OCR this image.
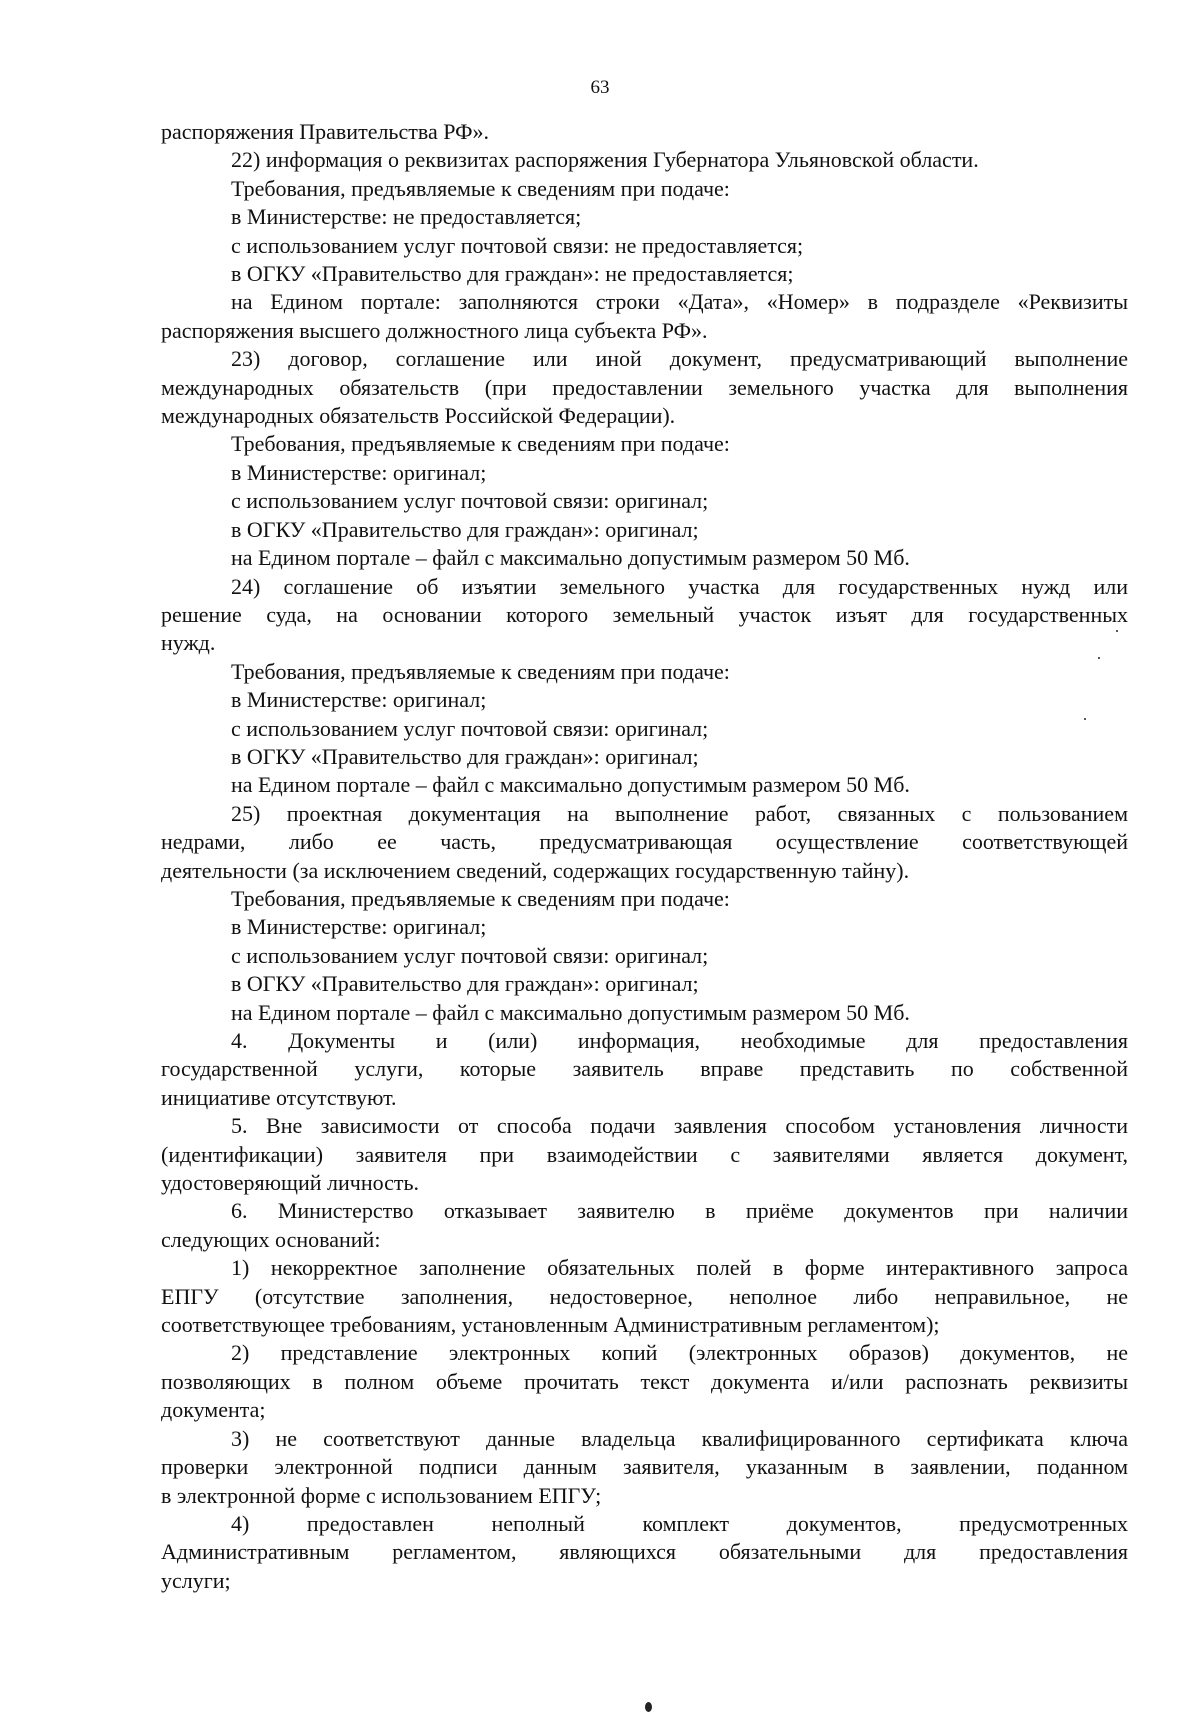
63

распоряжения Правительства РФ».

22) информация о реквизитах распоряжения Губернатора Ульяновской области.

Требования, предъявляемые к сведениям при подаче:

в Министерстве: не предоставляется;

с использованием услуг почтовой связи: не предоставляется;

в ОГКУ «Правительство для граждан»: не предоставляется;

на Едином портале: заполняются строки «Дата», «Номер» в подразделе «Реквизиты

распоряжения высшего должностного лица субъекта РФ».

23) договор, соглашение или иной документ, предусматривающий выполнение

международных обязательств (при предоставлении земельного участка для выполнения

международных обязательств Российской Федерации).

Требования, предъявляемые к сведениям при подаче:

в Министерстве: оригинал;

с использованием услуг почтовой связи: оригинал;

в ОГКУ «Правительство для граждан»: оригинал;

на Едином портале – файл с максимально допустимым размером 50 Мб.

24) соглашение об изъятии земельного участка для государственных нужд или

решение суда, на основании которого земельный участок изъят для государственных

нужд.

Требования, предъявляемые к сведениям при подаче:

в Министерстве: оригинал;

с использованием услуг почтовой связи: оригинал;

в ОГКУ «Правительство для граждан»: оригинал;

на Едином портале – файл с максимально допустимым размером 50 Мб.

25) проектная документация на выполнение работ, связанных с пользованием

недрами, либо ее часть, предусматривающая осуществление соответствующей

деятельности (за исключением сведений, содержащих государственную тайну).

Требования, предъявляемые к сведениям при подаче:

в Министерстве: оригинал;

с использованием услуг почтовой связи: оригинал;

в ОГКУ «Правительство для граждан»: оригинал;

на Едином портале – файл с максимально допустимым размером 50 Мб.

4. Документы и (или) информация, необходимые для предоставления

государственной услуги, которые заявитель вправе представить по собственной

инициативе отсутствуют.

5. Вне зависимости от способа подачи заявления способом установления личности

(идентификации) заявителя при взаимодействии с заявителями является документ,

удостоверяющий личность.

6. Министерство отказывает заявителю в приёме документов при наличии

следующих оснований:

1) некорректное заполнение обязательных полей в форме интерактивного запроса

ЕПГУ (отсутствие заполнения, недостоверное, неполное либо неправильное, не

соответствующее требованиям, установленным Административным регламентом);

2) представление электронных копий (электронных образов) документов, не

позволяющих в полном объеме прочитать текст документа и/или распознать реквизиты

документа;

3) не соответствуют данные владельца квалифицированного сертификата ключа

проверки электронной подписи данным заявителя, указанным в заявлении, поданном

в электронной форме с использованием ЕПГУ;

4) предоставлен неполный комплект документов, предусмотренных

Административным регламентом, являющихся обязательными для предоставления

услуги;
